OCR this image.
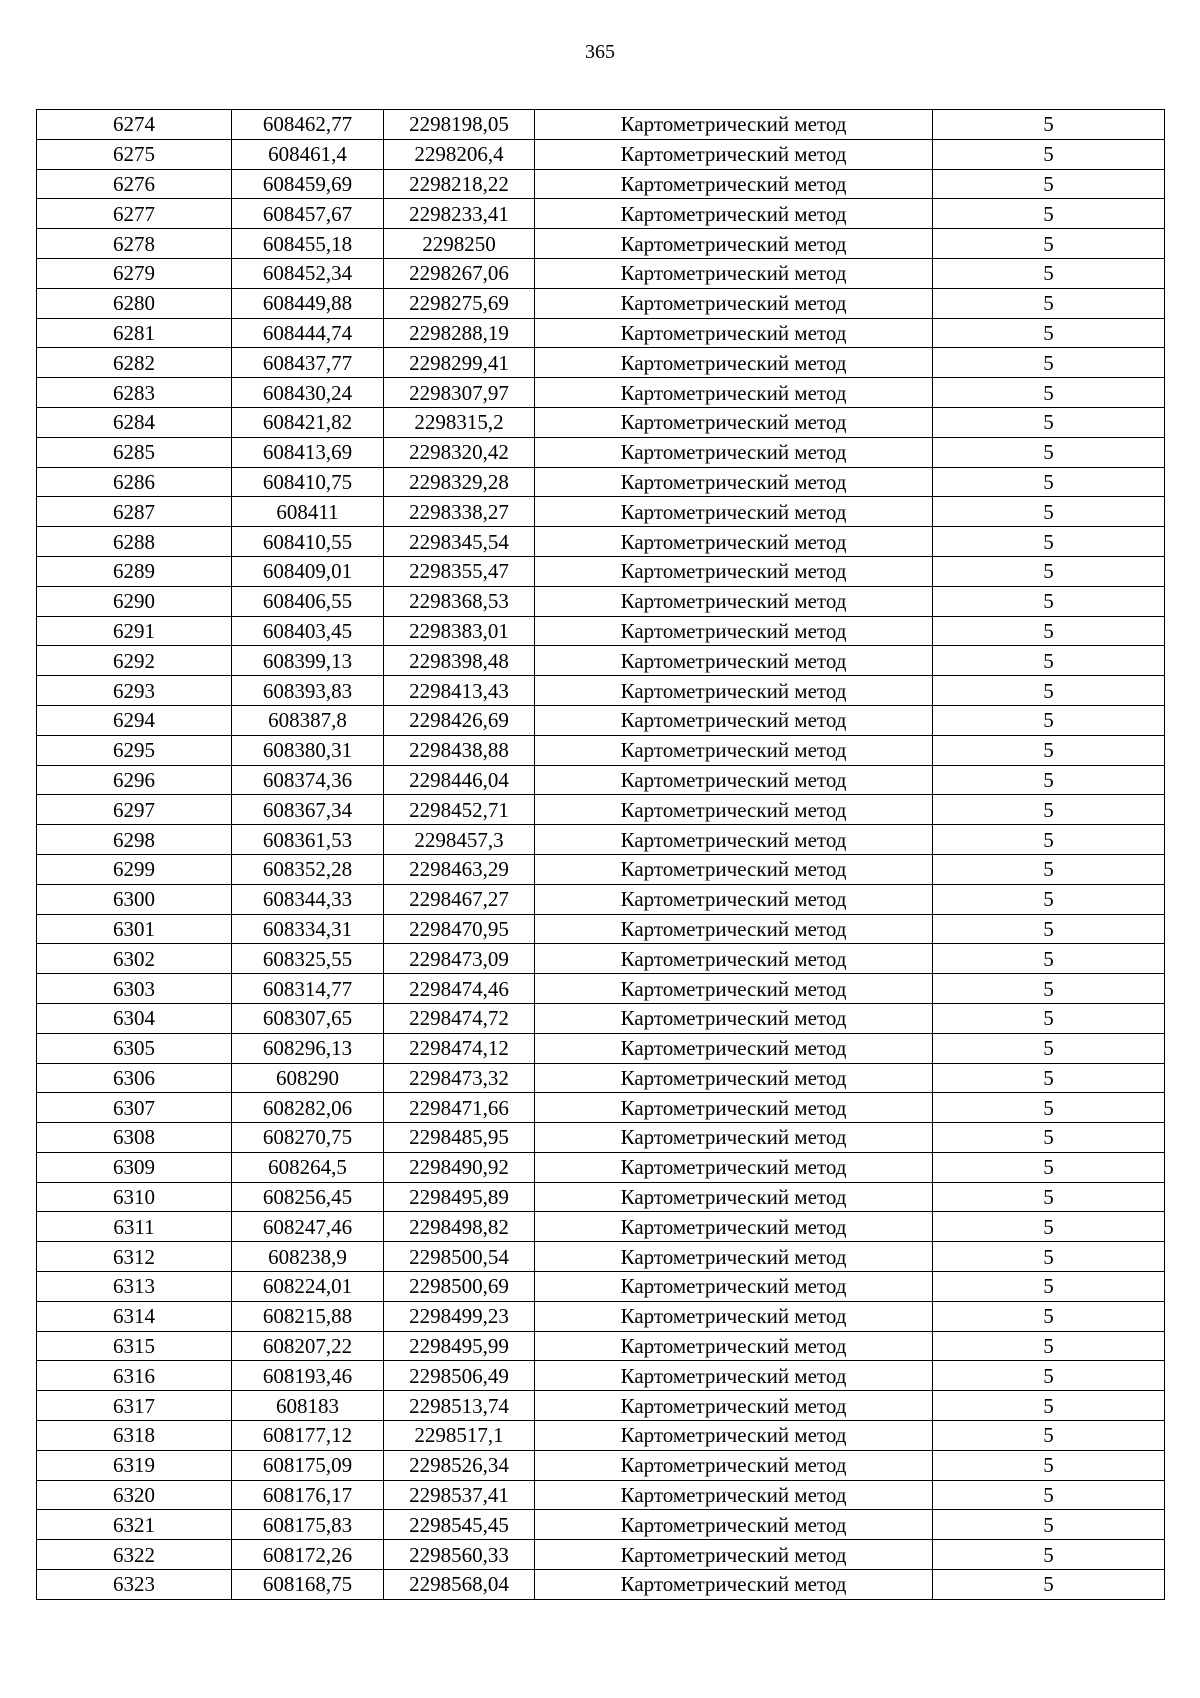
365
6274	608462,77	2298198,05	Картометрический метод	5
6275	608461,4	2298206,4	Картометрический метод	5
6276	608459,69	2298218,22	Картометрический метод	5
6277	608457,67	2298233,41	Картометрический метод	5
6278	608455,18	2298250	Картометрический метод	5
6279	608452,34	2298267,06	Картометрический метод	5
6280	608449,88	2298275,69	Картометрический метод	5
6281	608444,74	2298288,19	Картометрический метод	5
6282	608437,77	2298299,41	Картометрический метод	5
6283	608430,24	2298307,97	Картометрический метод	5
6284	608421,82	2298315,2	Картометрический метод	5
6285	608413,69	2298320,42	Картометрический метод	5
6286	608410,75	2298329,28	Картометрический метод	5
6287	608411	2298338,27	Картометрический метод	5
6288	608410,55	2298345,54	Картометрический метод	5
6289	608409,01	2298355,47	Картометрический метод	5
6290	608406,55	2298368,53	Картометрический метод	5
6291	608403,45	2298383,01	Картометрический метод	5
6292	608399,13	2298398,48	Картометрический метод	5
6293	608393,83	2298413,43	Картометрический метод	5
6294	608387,8	2298426,69	Картометрический метод	5
6295	608380,31	2298438,88	Картометрический метод	5
6296	608374,36	2298446,04	Картометрический метод	5
6297	608367,34	2298452,71	Картометрический метод	5
6298	608361,53	2298457,3	Картометрический метод	5
6299	608352,28	2298463,29	Картометрический метод	5
6300	608344,33	2298467,27	Картометрический метод	5
6301	608334,31	2298470,95	Картометрический метод	5
6302	608325,55	2298473,09	Картометрический метод	5
6303	608314,77	2298474,46	Картометрический метод	5
6304	608307,65	2298474,72	Картометрический метод	5
6305	608296,13	2298474,12	Картометрический метод	5
6306	608290	2298473,32	Картометрический метод	5
6307	608282,06	2298471,66	Картометрический метод	5
6308	608270,75	2298485,95	Картометрический метод	5
6309	608264,5	2298490,92	Картометрический метод	5
6310	608256,45	2298495,89	Картометрический метод	5
6311	608247,46	2298498,82	Картометрический метод	5
6312	608238,9	2298500,54	Картометрический метод	5
6313	608224,01	2298500,69	Картометрический метод	5
6314	608215,88	2298499,23	Картометрический метод	5
6315	608207,22	2298495,99	Картометрический метод	5
6316	608193,46	2298506,49	Картометрический метод	5
6317	608183	2298513,74	Картометрический метод	5
6318	608177,12	2298517,1	Картометрический метод	5
6319	608175,09	2298526,34	Картометрический метод	5
6320	608176,17	2298537,41	Картометрический метод	5
6321	608175,83	2298545,45	Картометрический метод	5
6322	608172,26	2298560,33	Картометрический метод	5
6323	608168,75	2298568,04	Картометрический метод	5
